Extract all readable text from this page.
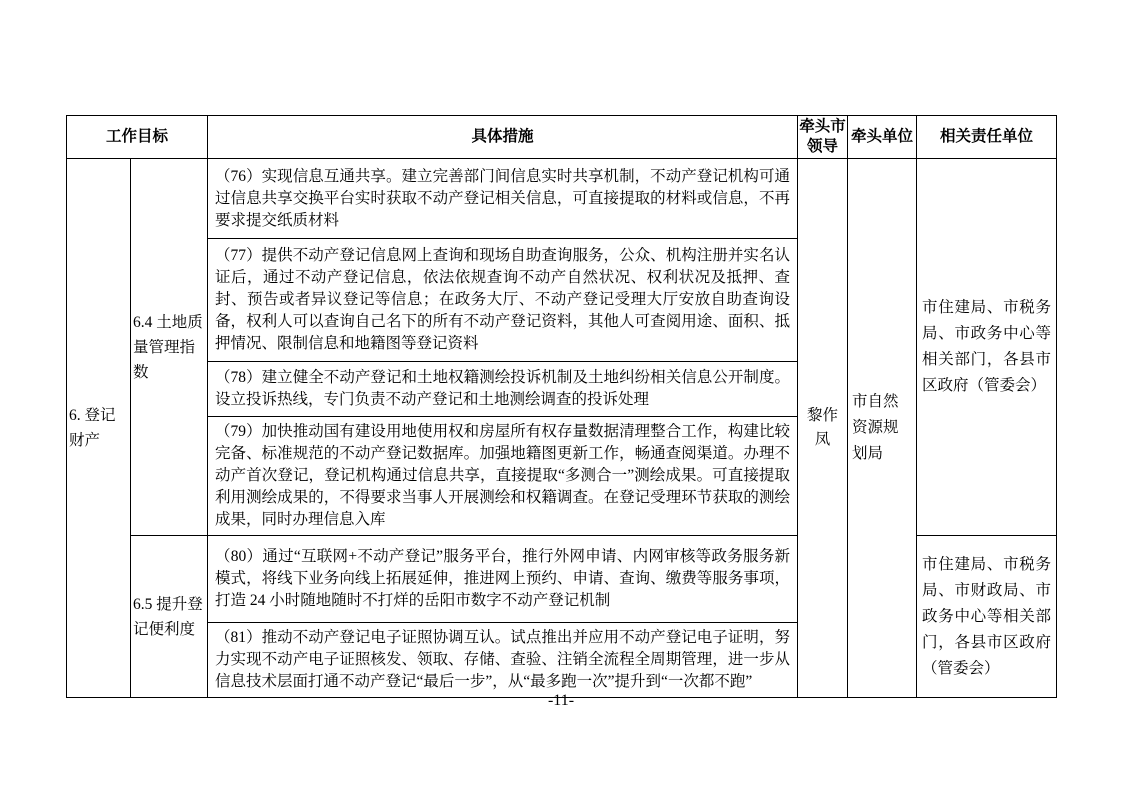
工作目标		具体措施	牵头市领导	牵头单位	相关责任单位
6. 登记财产	6.4 土地质量管理指数	（76）实现信息互通共享。建立完善部门间信息实时共享机制，不动产登记机构可通过信息共享交换平台实时获取不动产登记相关信息，可直接提取的材料或信息，不再要求提交纸质材料	黎作凤	市自然资源规划局	市住建局、市税务局、市政务中心等相关部门，各县市区政府（管委会）
		（77）提供不动产登记信息网上查询和现场自助查询服务，公众、机构注册并实名认证后，通过不动产登记信息，依法依规查询不动产自然状况、权利状况及抵押、查封、预告或者异议登记等信息；在政务大厅、不动产登记受理大厅安放自助查询设备，权利人可以查询自己名下的所有不动产登记资料，其他人可查阅用途、面积、抵押情况、限制信息和地籍图等登记资料			
		（78）建立健全不动产登记和土地权籍测绘投诉机制及土地纠纷相关信息公开制度。设立投诉热线，专门负责不动产登记和土地测绘调查的投诉处理			
		（79）加快推动国有建设用地使用权和房屋所有权存量数据清理整合工作，构建比较完备、标准规范的不动产登记数据库。加强地籍图更新工作，畅通查阅渠道。办理不动产首次登记，登记机构通过信息共享，直接提取“多测合一”测绘成果。可直接提取利用测绘成果的，不得要求当事人开展测绘和权籍调查。在登记受理环节获取的测绘成果，同时办理信息入库			
	6.5 提升登记便利度	（80）通过“互联网+不动产登记”服务平台，推行外网申请、内网审核等政务服务新模式，将线下业务向线上拓展延伸，推进网上预约、申请、查询、缴费等服务事项，打造 24 小时随地随时不打烊的岳阳市数字不动产登记机制			市住建局、市税务局、市财政局、市政务中心等相关部门，各县市区政府（管委会）
		（81）推动不动产登记电子证照协调互认。试点推出并应用不动产登记电子证明，努力实现不动产电子证照核发、领取、存储、查验、注销全流程全周期管理，进一步从信息技术层面打通不动产登记“最后一步”，从“最多跑一次”提升到“一次都不跑”			
-11-
